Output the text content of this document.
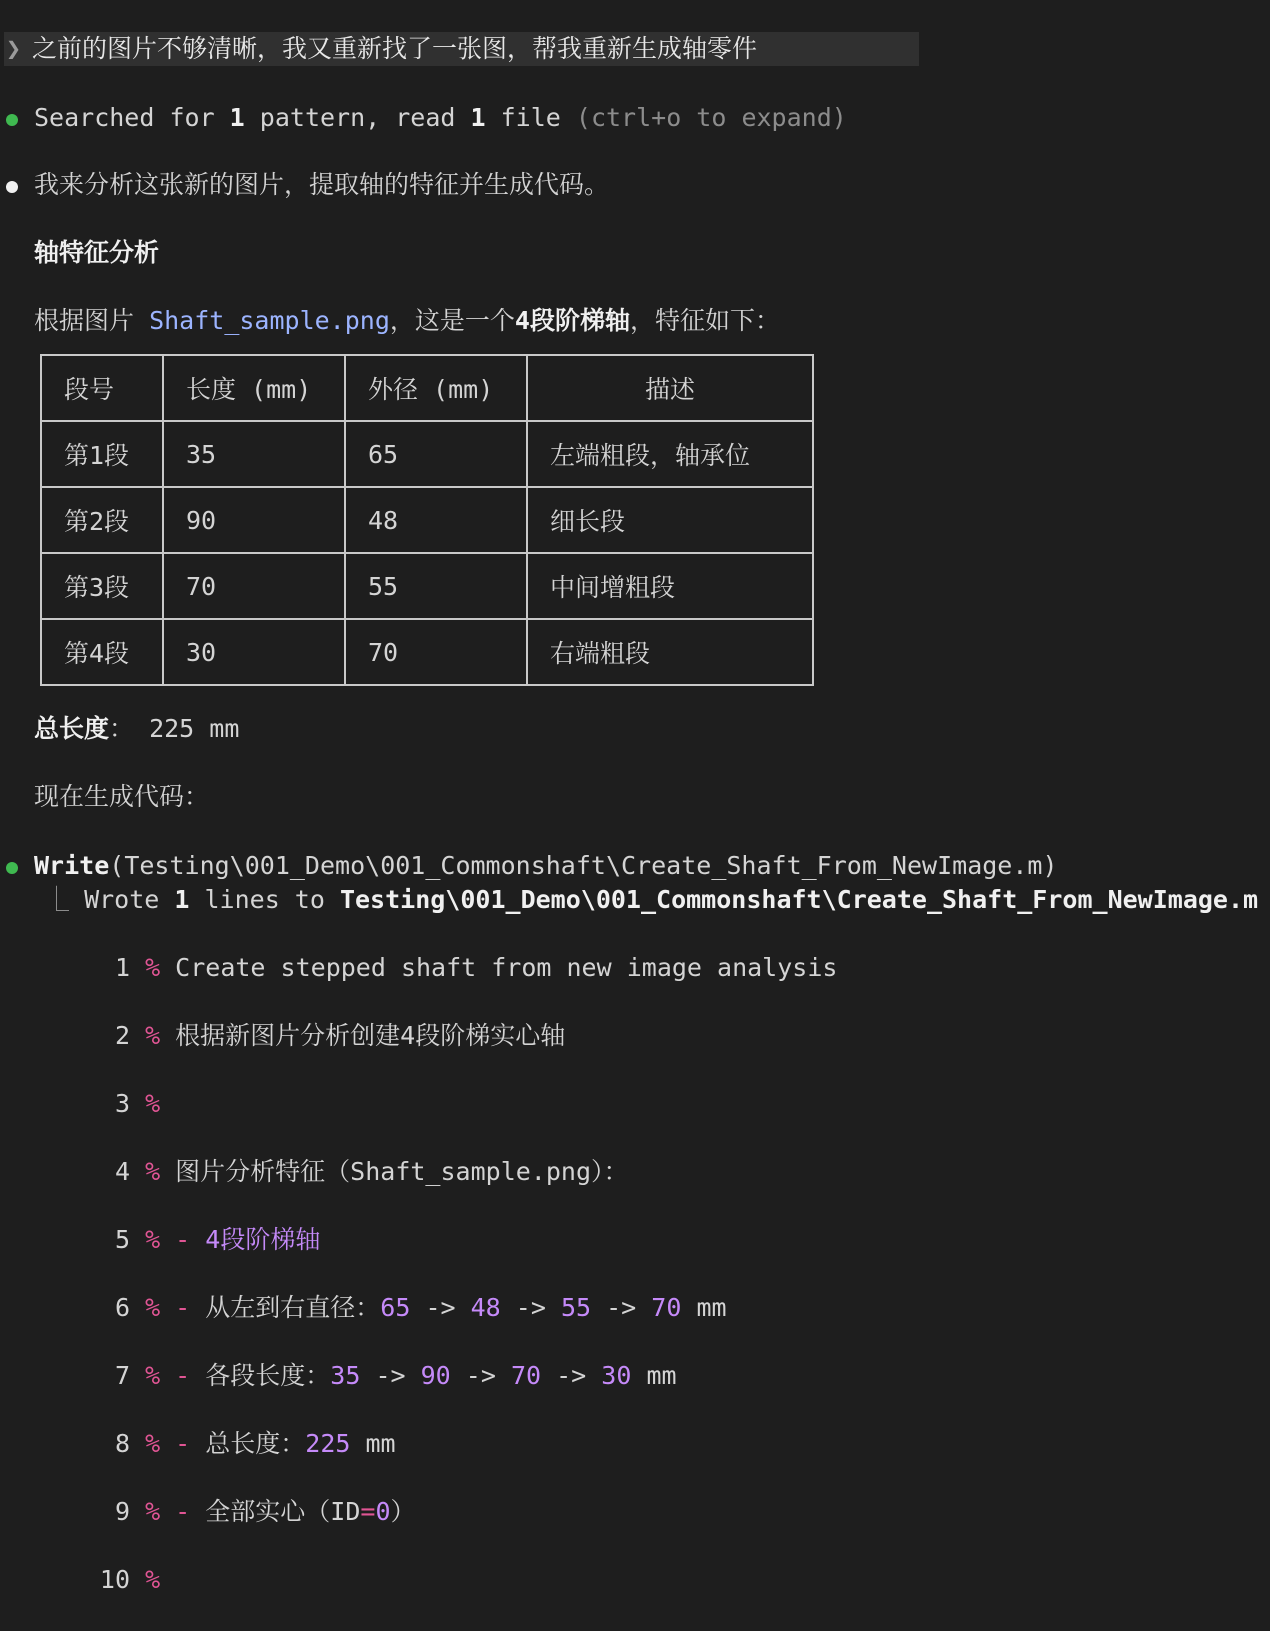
❯ 之前的图片不够清晰，我又重新找了一张图，帮我重新生成轴零件
Searched for 1 pattern, read 1 file (ctrl+o to expand)
我来分析这张新的图片，提取轴的特征并生成代码。
轴特征分析
根据图片 Shaft_sample.png，这是一个4段阶梯轴，特征如下：
段号	长度 (mm)	外径 (mm)	描述
第1段	35	65	左端粗段，轴承位
第2段	90	48	细长段
第3段	70	55	中间增粗段
第4段	30	70	右端粗段
总长度： 225 mm
现在生成代码：
Write(Testing\001_Demo\001_Commonshaft\Create_Shaft_From_NewImage.m)
⎿ Wrote 1 lines to Testing\001_Demo\001_Commonshaft\Create_Shaft_From_NewImage.m

1 % Create stepped shaft from new image analysis

2 % 根据新图片分析创建4段阶梯实心轴

3 %

4 % 图片分析特征（Shaft_sample.png）：

5 % - 4段阶梯轴

6 % - 从左到右直径：65 -> 48 -> 55 -> 70 mm

7 % - 各段长度：35 -> 90 -> 70 -> 30 mm

8 % - 总长度：225 mm

9 % - 全部实心（ID=0）

10 %
